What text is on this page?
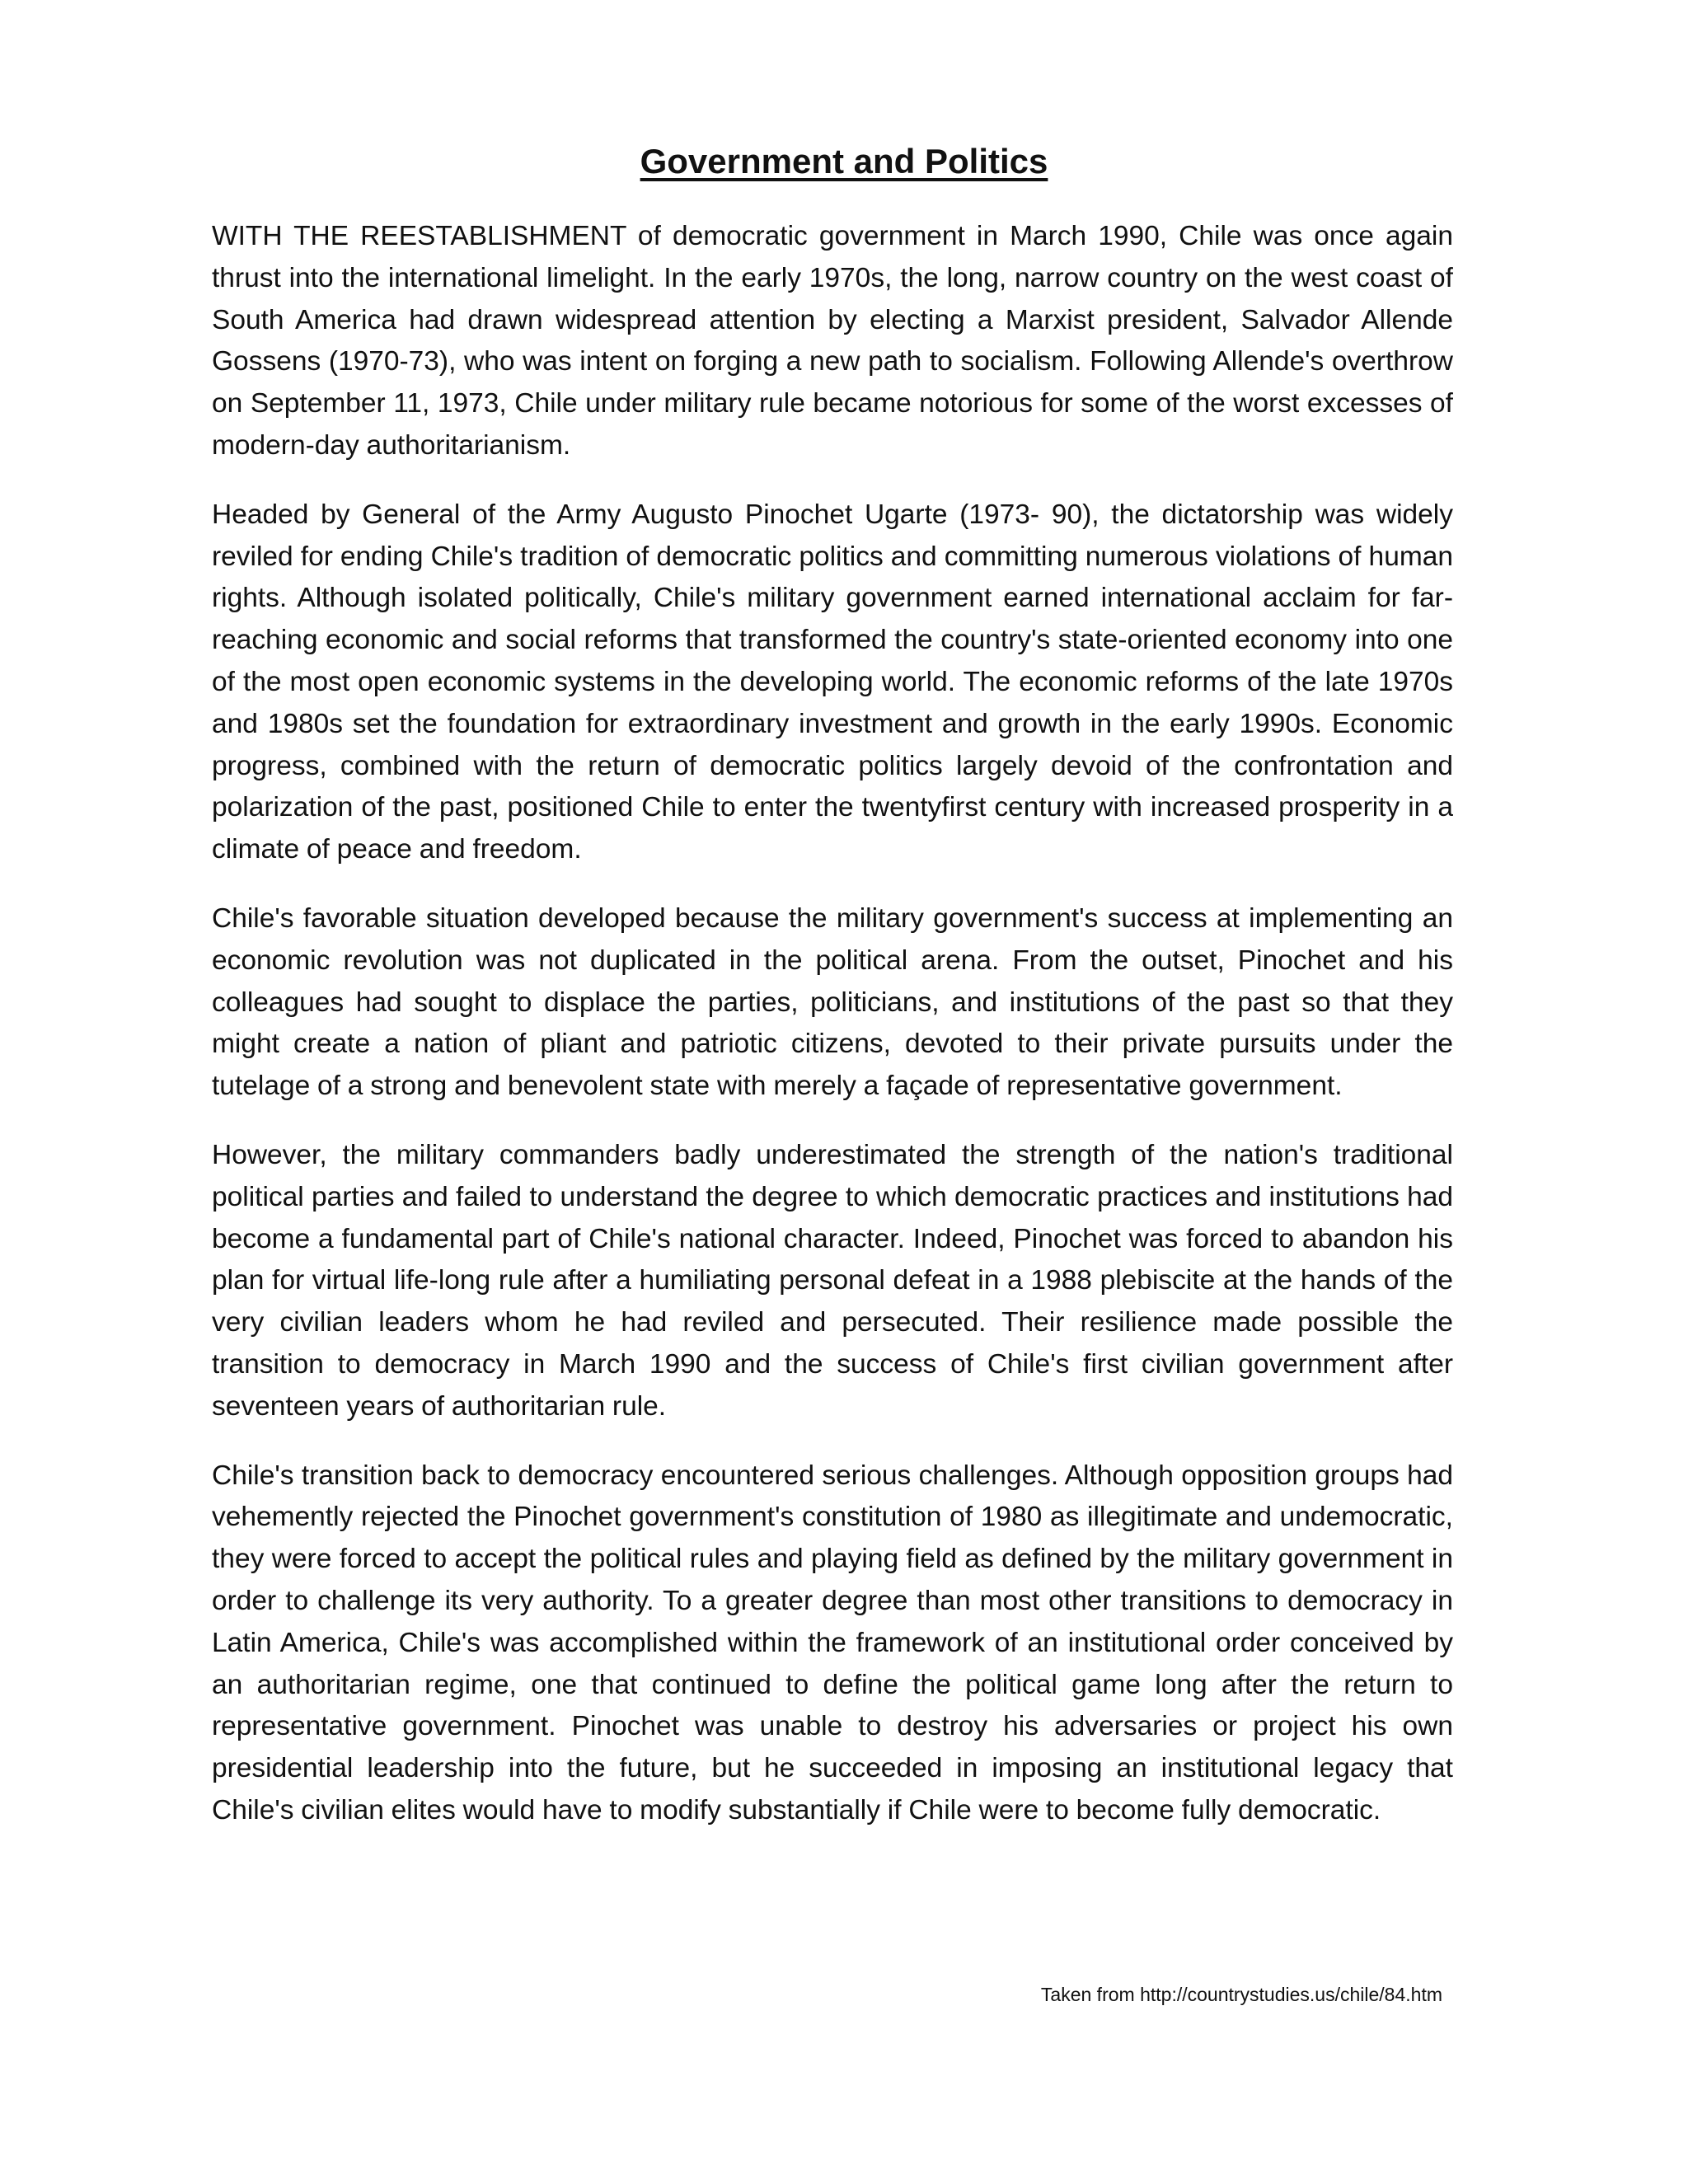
Government and Politics

WITH THE REESTABLISHMENT of democratic government in March 1990, Chile was once again thrust into the international limelight. In the early 1970s, the long, narrow country on the west coast of South America had drawn widespread attention by electing a Marxist president, Salvador Allende Gossens (1970-73), who was intent on forging a new path to socialism. Following Allende's overthrow on September 11, 1973, Chile under military rule became notorious for some of the worst excesses of modern-day authoritarianism.

Headed by General of the Army Augusto Pinochet Ugarte (1973- 90), the dictatorship was widely reviled for ending Chile's tradition of democratic politics and committing numerous violations of human rights. Although isolated politically, Chile's military government earned international acclaim for far-reaching economic and social reforms that transformed the country's state-oriented economy into one of the most open economic systems in the developing world. The economic reforms of the late 1970s and 1980s set the foundation for extraordinary investment and growth in the early 1990s. Economic progress, combined with the return of democratic politics largely devoid of the confrontation and polarization of the past, positioned Chile to enter the twentyfirst century with increased prosperity in a climate of peace and freedom.

Chile's favorable situation developed because the military government's success at implementing an economic revolution was not duplicated in the political arena. From the outset, Pinochet and his colleagues had sought to displace the parties, politicians, and institutions of the past so that they might create a nation of pliant and patriotic citizens, devoted to their private pursuits under the tutelage of a strong and benevolent state with merely a façade of representative government.

However, the military commanders badly underestimated the strength of the nation's traditional political parties and failed to understand the degree to which democratic practices and institutions had become a fundamental part of Chile's national character. Indeed, Pinochet was forced to abandon his plan for virtual life-long rule after a humiliating personal defeat in a 1988 plebiscite at the hands of the very civilian leaders whom he had reviled and persecuted. Their resilience made possible the transition to democracy in March 1990 and the success of Chile's first civilian government after seventeen years of authoritarian rule.

Chile's transition back to democracy encountered serious challenges. Although opposition groups had vehemently rejected the Pinochet government's constitution of 1980 as illegitimate and undemocratic, they were forced to accept the political rules and playing field as defined by the military government in order to challenge its very authority. To a greater degree than most other transitions to democracy in Latin America, Chile's was accomplished within the framework of an institutional order conceived by an authoritarian regime, one that continued to define the political game long after the return to representative government. Pinochet was unable to destroy his adversaries or project his own presidential leadership into the future, but he succeeded in imposing an institutional legacy that Chile's civilian elites would have to modify substantially if Chile were to become fully democratic.

Taken from http://countrystudies.us/chile/84.htm
